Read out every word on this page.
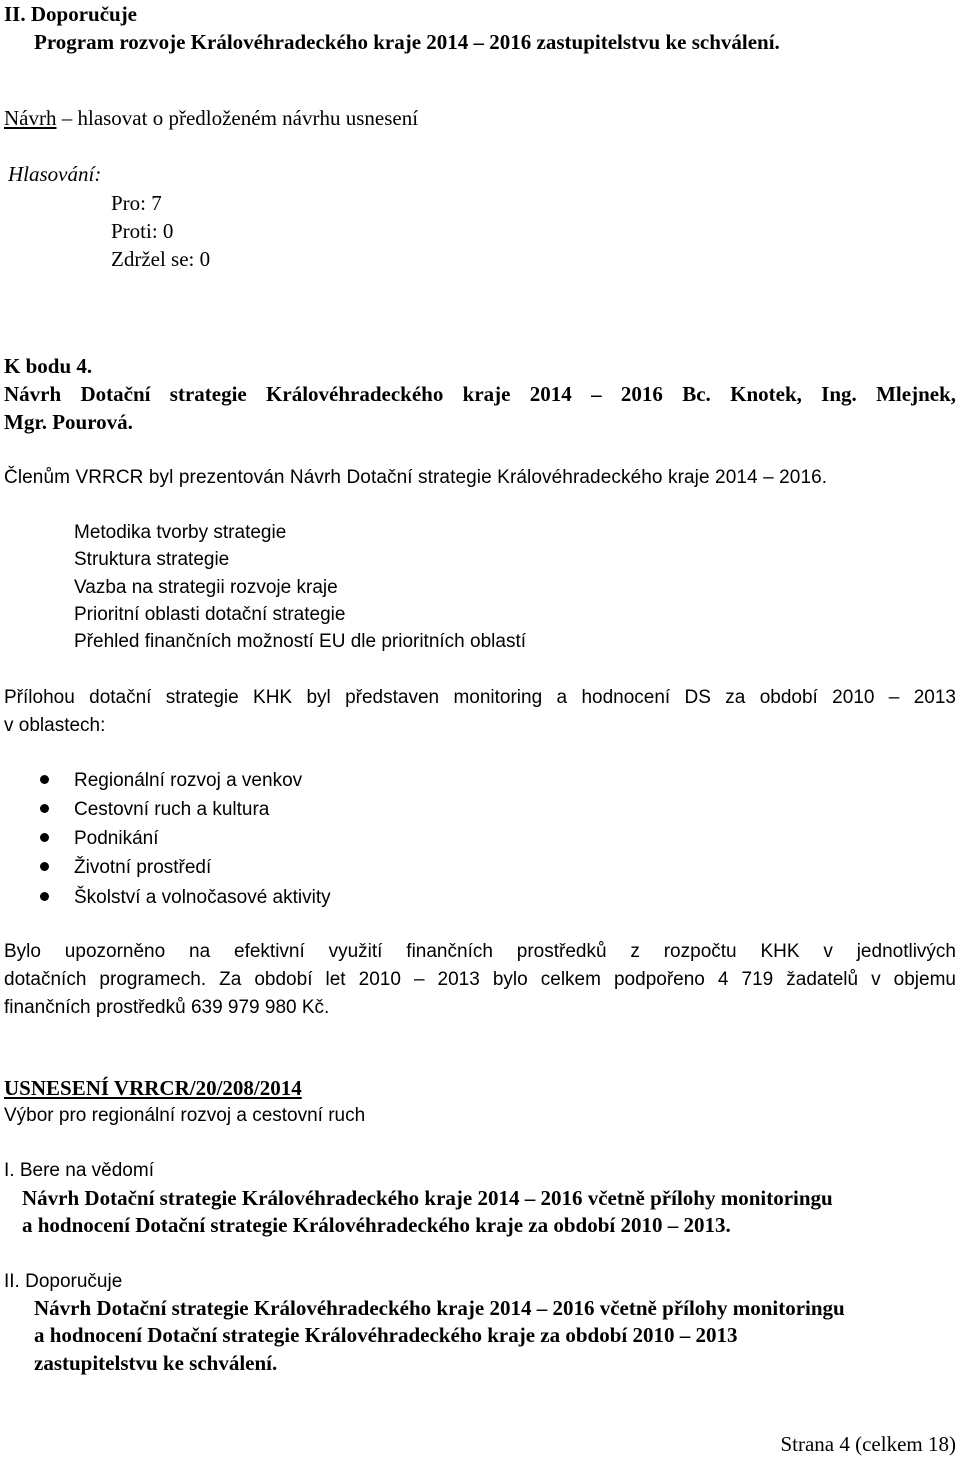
II. Doporučuje
Program rozvoje Královéhradeckého kraje 2014 – 2016 zastupitelstvu ke schválení.
Návrh – hlasovat o předloženém návrhu usnesení
Hlasování:
Pro: 7
Proti: 0
Zdržel se: 0
K bodu 4.
Návrh Dotační strategie Královéhradeckého kraje 2014 – 2016 Bc. Knotek, Ing. Mlejnek,
Mgr. Pourová.
Členům VRRCR byl prezentován Návrh Dotační strategie Královéhradeckého kraje 2014 – 2016.
Metodika tvorby strategie
Struktura strategie
Vazba na strategii rozvoje kraje
Prioritní oblasti dotační strategie
Přehled finančních možností EU dle prioritních oblastí
Přílohou dotační strategie KHK byl představen monitoring a hodnocení DS za období 2010 – 2013
v oblastech:
Regionální rozvoj a venkov
Cestovní ruch a kultura
Podnikání
Životní prostředí
Školství a volnočasové aktivity
Bylo upozorněno na efektivní využití finančních prostředků z rozpočtu KHK v jednotlivých
dotačních programech. Za období let 2010 – 2013 bylo celkem podpořeno 4 719 žadatelů v objemu
finančních prostředků 639 979 980 Kč.
USNESENÍ VRRCR/20/208/2014
Výbor pro regionální rozvoj a cestovní ruch
I. Bere na vědomí
Návrh Dotační strategie Královéhradeckého kraje 2014 – 2016 včetně přílohy monitoringu
a hodnocení Dotační strategie Královéhradeckého kraje za období 2010 – 2013.
II. Doporučuje
Návrh Dotační strategie Královéhradeckého kraje 2014 – 2016 včetně přílohy monitoringu
a hodnocení Dotační strategie Královéhradeckého kraje za období 2010 – 2013
zastupitelstvu ke schválení.
Strana 4 (celkem 18)
